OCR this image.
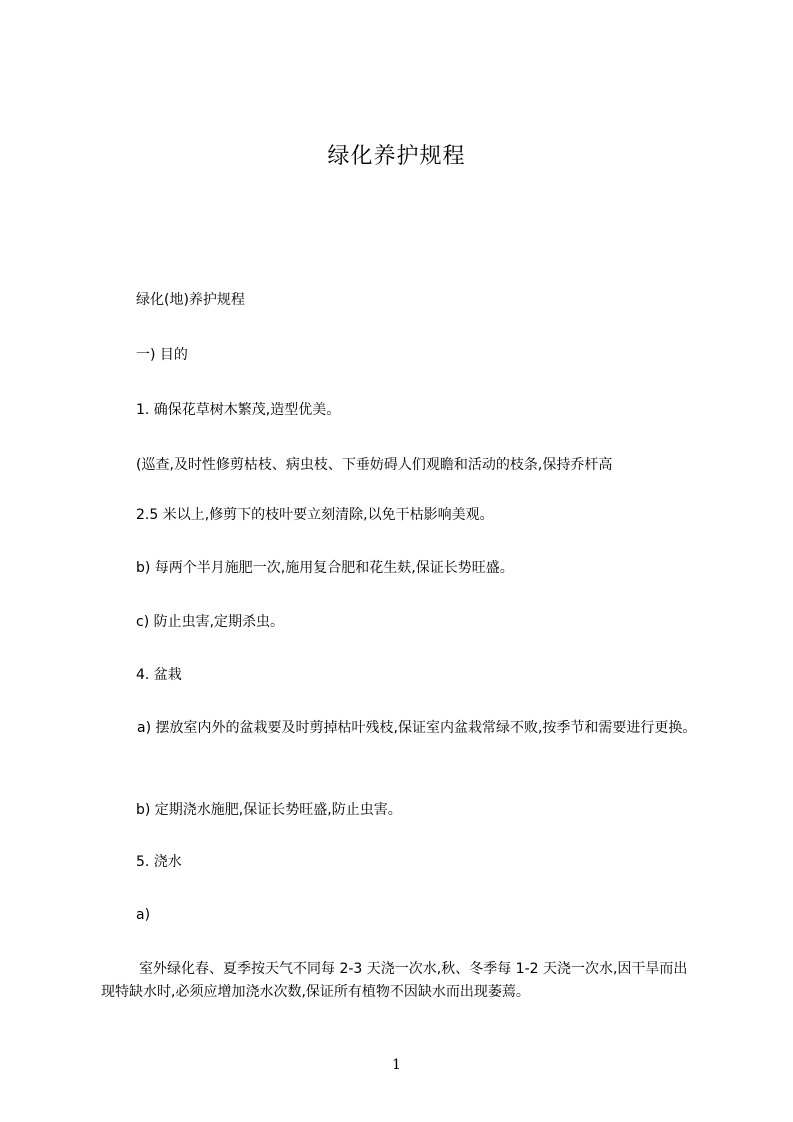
绿化养护规程
绿化(地)养护规程
一) 目的
1. 确保花草树木繁茂,造型优美。
(巡查,及时性修剪枯枝、病虫枝、下垂妨碍人们观瞻和活动的枝条,保持乔杆高
2.5 米以上,修剪下的枝叶要立刻清除,以免干枯影响美观。
b) 每两个半月施肥一次,施用复合肥和花生麸,保证长势旺盛。
c) 防止虫害,定期杀虫。
4. 盆栽
a) 摆放室内外的盆栽要及时剪掉枯叶残枝,保证室内盆栽常绿不败,按季节和需要进行更换。
b) 定期浇水施肥,保证长势旺盛,防止虫害。
5. 浇水
a)
室外绿化春、夏季按天气不同每 2-3 天浇一次水,秋、冬季每 1-2 天浇一次水,因干旱而出现特缺水时,必须应增加浇水次数,保证所有植物不因缺水而出现萎蔫。
1
